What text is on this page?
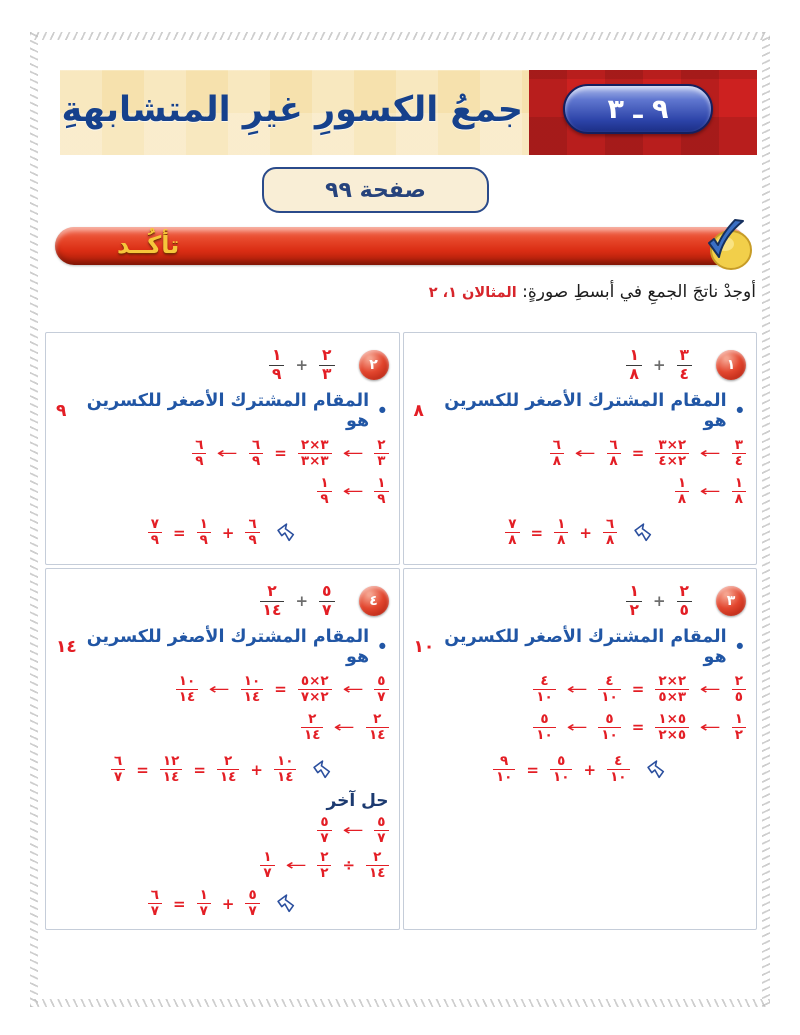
جمعُ الكسورِ غيرِ المتشابهةِ	٩ ـ ٣
صفحة ٩٩
تأكُــد

أوجدْ ناتجَ الجمعِ في أبسطِ صورةٍ: المثالان ١، ٢

١
$\frac{١}{٨} + \frac{٣}{٤}$
•
المقام المشترك الأصغر للكسرين هو
٨
$\frac{٦}{٨}$ ← $\frac{٦}{٨} = \frac{٢\times ٣}{٢\times ٤}$ ← $\frac{٣}{٤}$
$\frac{١}{٨}$ ← $\frac{١}{٨}$
$\frac{٧}{٨} = \frac{١}{٨} + \frac{٦}{٨}$
٢
$\frac{١}{٩} + \frac{٢}{٣}$
•
المقام المشترك الأصغر للكسرين هو
٩
$\frac{٦}{٩}$ ← $\frac{٦}{٩} = \frac{٣\times ٢}{٣\times ٣}$ ← $\frac{٢}{٣}$
$\frac{١}{٩}$ ← $\frac{١}{٩}$
$\frac{٧}{٩} = \frac{١}{٩} + \frac{٦}{٩}$
٣
$\frac{١}{٢} + \frac{٢}{٥}$
•
المقام المشترك الأصغر للكسرين هو
١٠
$\frac{٤}{١٠}$ ← $\frac{٤}{١٠} = \frac{٢\times ٢}{٣\times ٥}$ ← $\frac{٢}{٥}$
$\frac{٥}{١٠}$ ← $\frac{٥}{١٠} = \frac{٥\times ١}{٥\times ٢}$ ← $\frac{١}{٢}$
$\frac{٩}{١٠} = \frac{٥}{١٠} + \frac{٤}{١٠}$
٤
$\frac{٢}{١٤} + \frac{٥}{٧}$
•
المقام المشترك الأصغر للكسرين هو
١٤
$\frac{١٠}{١٤}$ ← $\frac{١٠}{١٤} = \frac{٢\times ٥}{٢\times ٧}$ ← $\frac{٥}{٧}$
$\frac{٢}{١٤}$ ← $\frac{٢}{١٤}$
$\frac{٦}{٧} = \frac{١٢}{١٤} = \frac{٢}{١٤} + \frac{١٠}{١٤}$
حل آخر
$\frac{٥}{٧}$ ← $\frac{٥}{٧}$
$\frac{١}{٧}$ ← $\frac{٢}{٢} \div \frac{٢}{١٤}$
$\frac{٦}{٧} = \frac{١}{٧} + \frac{٥}{٧}$
